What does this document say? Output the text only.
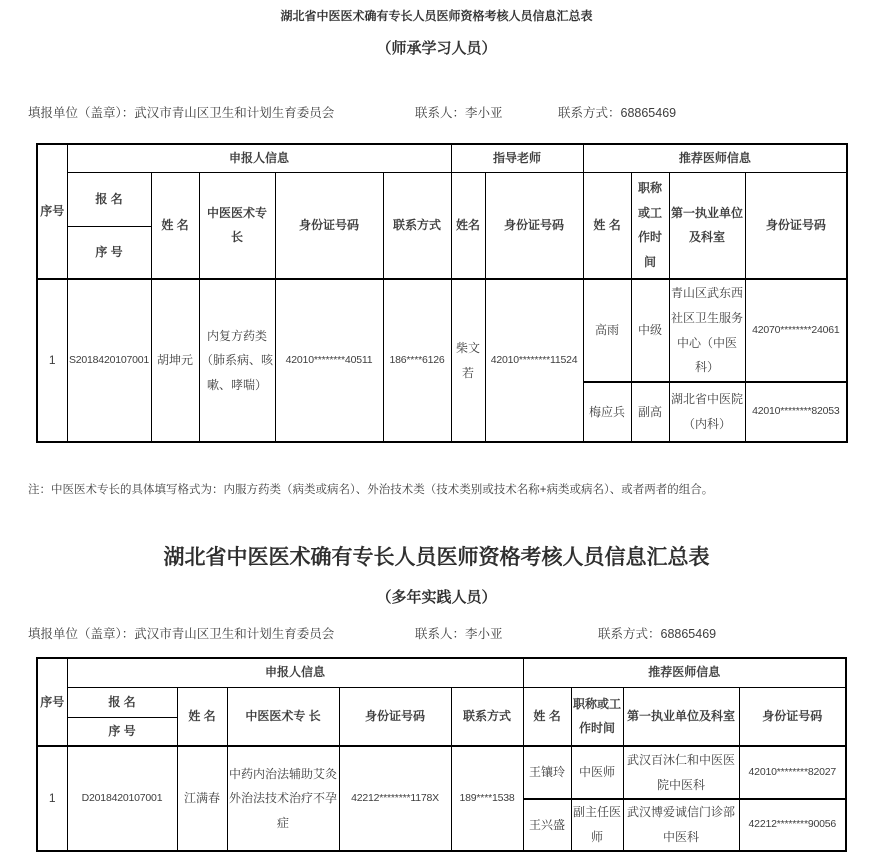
湖北省中医医术确有专长人员医师资格考核人员信息汇总表
（师承学习人员）
填报单位（盖章）：武汉市青山区卫生和计划生育委员会	联系人：李小亚	联系方式：68865469
序号	申报人信息					指导老师		推荐医师信息			
	报 名	姓 名	中医医术专 长	身份证号码	联系方式	姓名	身份证号码	姓 名	职称或工作时间	第一执业单位及科室	身份证号码
	序 号										
1	S2018420107001	胡坤元	内复方药类（肺系病、咳嗽、哮喘）	42010********40511	186****6126	柴文若	42010********11524	高雨	中级	青山区武东西社区卫生服务中心（中医科）	42070********24061
								梅应兵	副高	湖北省中医院（内科）	42010********82053
注：中医医术专长的具体填写格式为：内服方药类（病类或病名）、外治技术类（技术类别或技术名称+病类或病名）、或者两者的组合。
湖北省中医医术确有专长人员医师资格考核人员信息汇总表
（多年实践人员）
填报单位（盖章）：武汉市青山区卫生和计划生育委员会	联系人：李小亚	联系方式：68865469
序号	申报人信息					推荐医师信息			
	报 名	姓 名	中医医术专 长	身份证号码	联系方式	姓 名	职称或工作时间	第一执业单位及科室	身份证号码
	序 号								
1	D2018420107001	江满春	中药内治法辅助艾灸外治法技术治疗不孕症	42212********1178X	189****1538	王镶玲	中医师	武汉百沐仁和中医医院中医科	42010********82027
						王兴盛	副主任医师	武汉博爱诚信门诊部中医科	42212********90056
